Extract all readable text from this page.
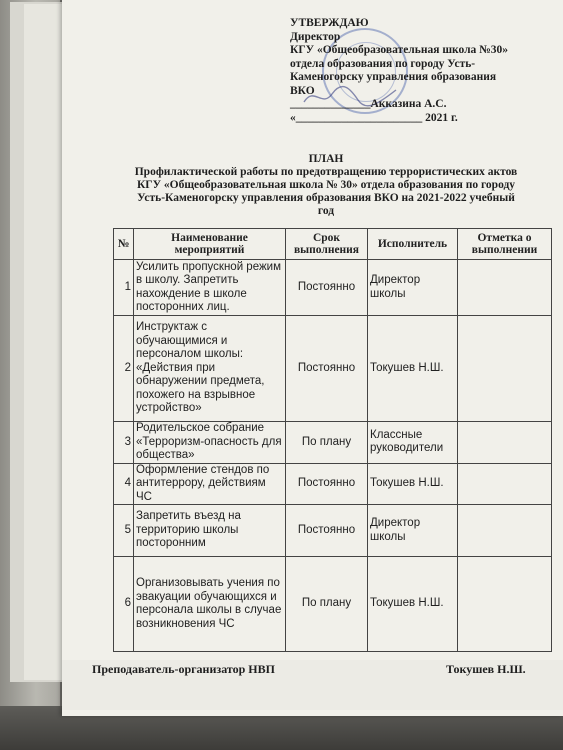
УТВЕРЖДАЮ
Директор
КГУ «Общеобразовательная школа №30»
отдела образования по городу Усть-
Каменогорску управления образования
ВКО
______________Акказина А.С.
«______________________ 2021 г.
ПЛАН
Профилактической работы по предотвращению террористических актов
КГУ «Общеобразовательная школа № 30» отдела образования по городу
Усть-Каменогорску управления образования ВКО на 2021-2022 учебный
год
№	Наименование мероприятий	Срок выполнения	Исполнитель	Отметка о выполнении
1	Усилить пропускной режим в школу. Запретить нахождение в школе посторонних лиц.	Постоянно	Директор школы	
2	Инструктаж с обучающимися и персоналом школы: «Действия при обнаружении предмета, похожего на взрывное устройство»	Постоянно	Токушев Н.Ш.	
3	Родительское собрание «Терроризм-опасность для общества»	По плану	Классные руководители	
4	Оформление стендов по антитеррору, действиям ЧС	Постоянно	Токушев Н.Ш.	
5	Запретить въезд на территорию школы посторонним	Постоянно	Директор школы	
6	Организовывать учения по эвакуации обучающихся и персонала школы в случае возникновения ЧС	По плану	Токушев Н.Ш.	
Преподаватель-организатор НВП	Токушев Н.Ш.
